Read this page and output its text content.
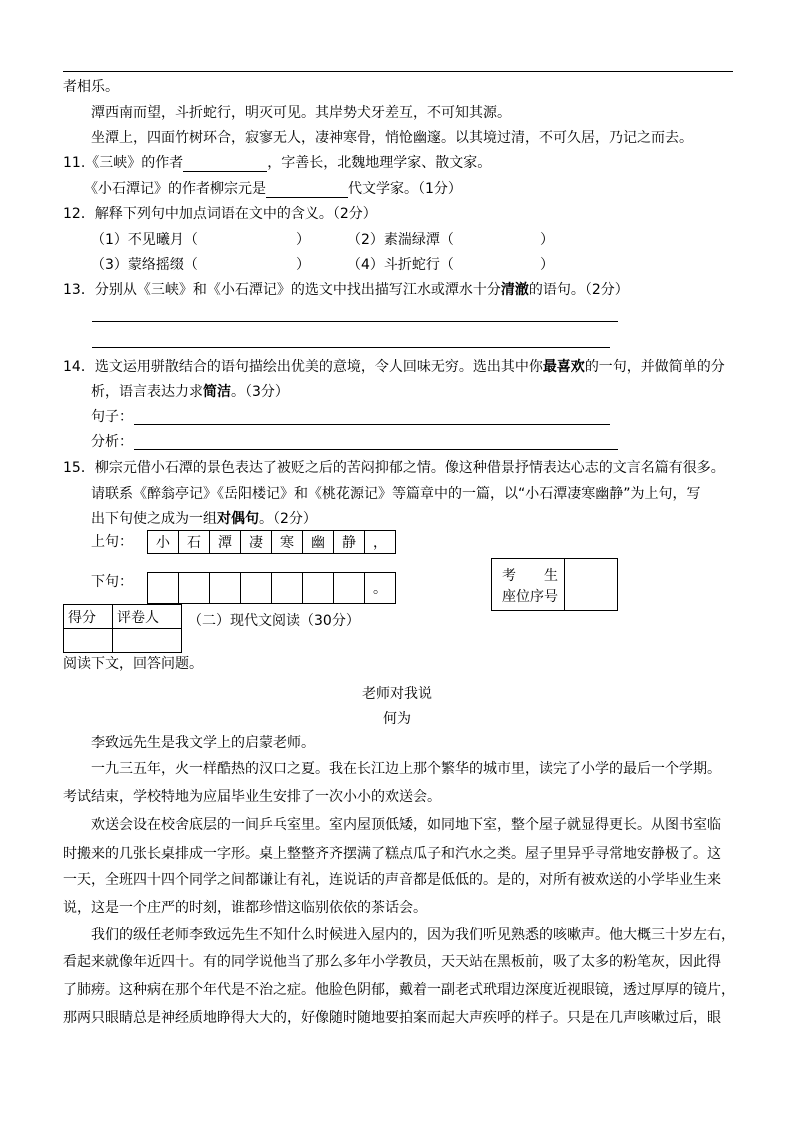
者相乐。
潭西南而望，斗折蛇行，明灭可见。其岸势犬牙差互，不可知其源。
坐潭上，四面竹树环合，寂寥无人，凄神寒骨，悄怆幽邃。以其境过清，不可久居，乃记之而去。
11.《三峡》的作者	，字善长，北魏地理学家、散文家。
《小石潭记》的作者柳宗元是	代文学家。（1分）
12．解释下列句中加点词语在文中的含义。（2分）
（1）不见曦月（	）	（2）素湍绿潭（	）
（3）蒙络摇缀（	）	（4）斗折蛇行（	）
13．分别从《三峡》和《小石潭记》的选文中找出描写江水或潭水十分清澈的语句。（2分）
14．选文运用骈散结合的语句描绘出优美的意境，令人回味无穷。选出其中你最喜欢的一句，并做简单的分
析，语言表达力求简洁。（3分）
句子：
分析：
15．柳宗元借小石潭的景色表达了被贬之后的苦闷抑郁之情。像这种借景抒情表达心志的文言名篇有很多。
请联系《醉翁亭记》《岳阳楼记》和《桃花源记》等篇章中的一篇，以“小石潭凄寒幽静”为上句，写
出下句使之成为一组对偶句。（2分）
上句： 小	石	潭	凄	寒	幽	静	，
下句：
								。
考　　生
座位序号
得分	评卷人
	（二）现代文阅读（30分）
阅读下文，回答问题。
老师对我说
何为
李致远先生是我文学上的启蒙老师。
一九三五年，火一样酷热的汉口之夏。我在长江边上那个繁华的城市里，读完了小学的最后一个学期。
考试结束，学校特地为应届毕业生安排了一次小小的欢送会。
欢送会设在校舍底层的一间乒乓室里。室内屋顶低矮，如同地下室，整个屋子就显得更长。从图书室临
时搬来的几张长桌排成一字形。桌上整整齐齐摆满了糕点瓜子和汽水之类。屋子里异乎寻常地安静极了。这
一天，全班四十四个同学之间都谦让有礼，连说话的声音都是低低的。是的，对所有被欢送的小学毕业生来
说，这是一个庄严的时刻，谁都珍惜这临别依依的茶话会。
我们的级任老师李致远先生不知什么时候进入屋内的，因为我们听见熟悉的咳嗽声。他大概三十岁左右，
看起来就像年近四十。有的同学说他当了那么多年小学教员，天天站在黑板前，吸了太多的粉笔灰，因此得
了肺痨。这种病在那个年代是不治之症。他脸色阴郁，戴着一副老式玳瑁边深度近视眼镜，透过厚厚的镜片，
那两只眼睛总是神经质地睁得大大的，好像随时随地要拍案而起大声疾呼的样子。只是在几声咳嗽过后，眼
